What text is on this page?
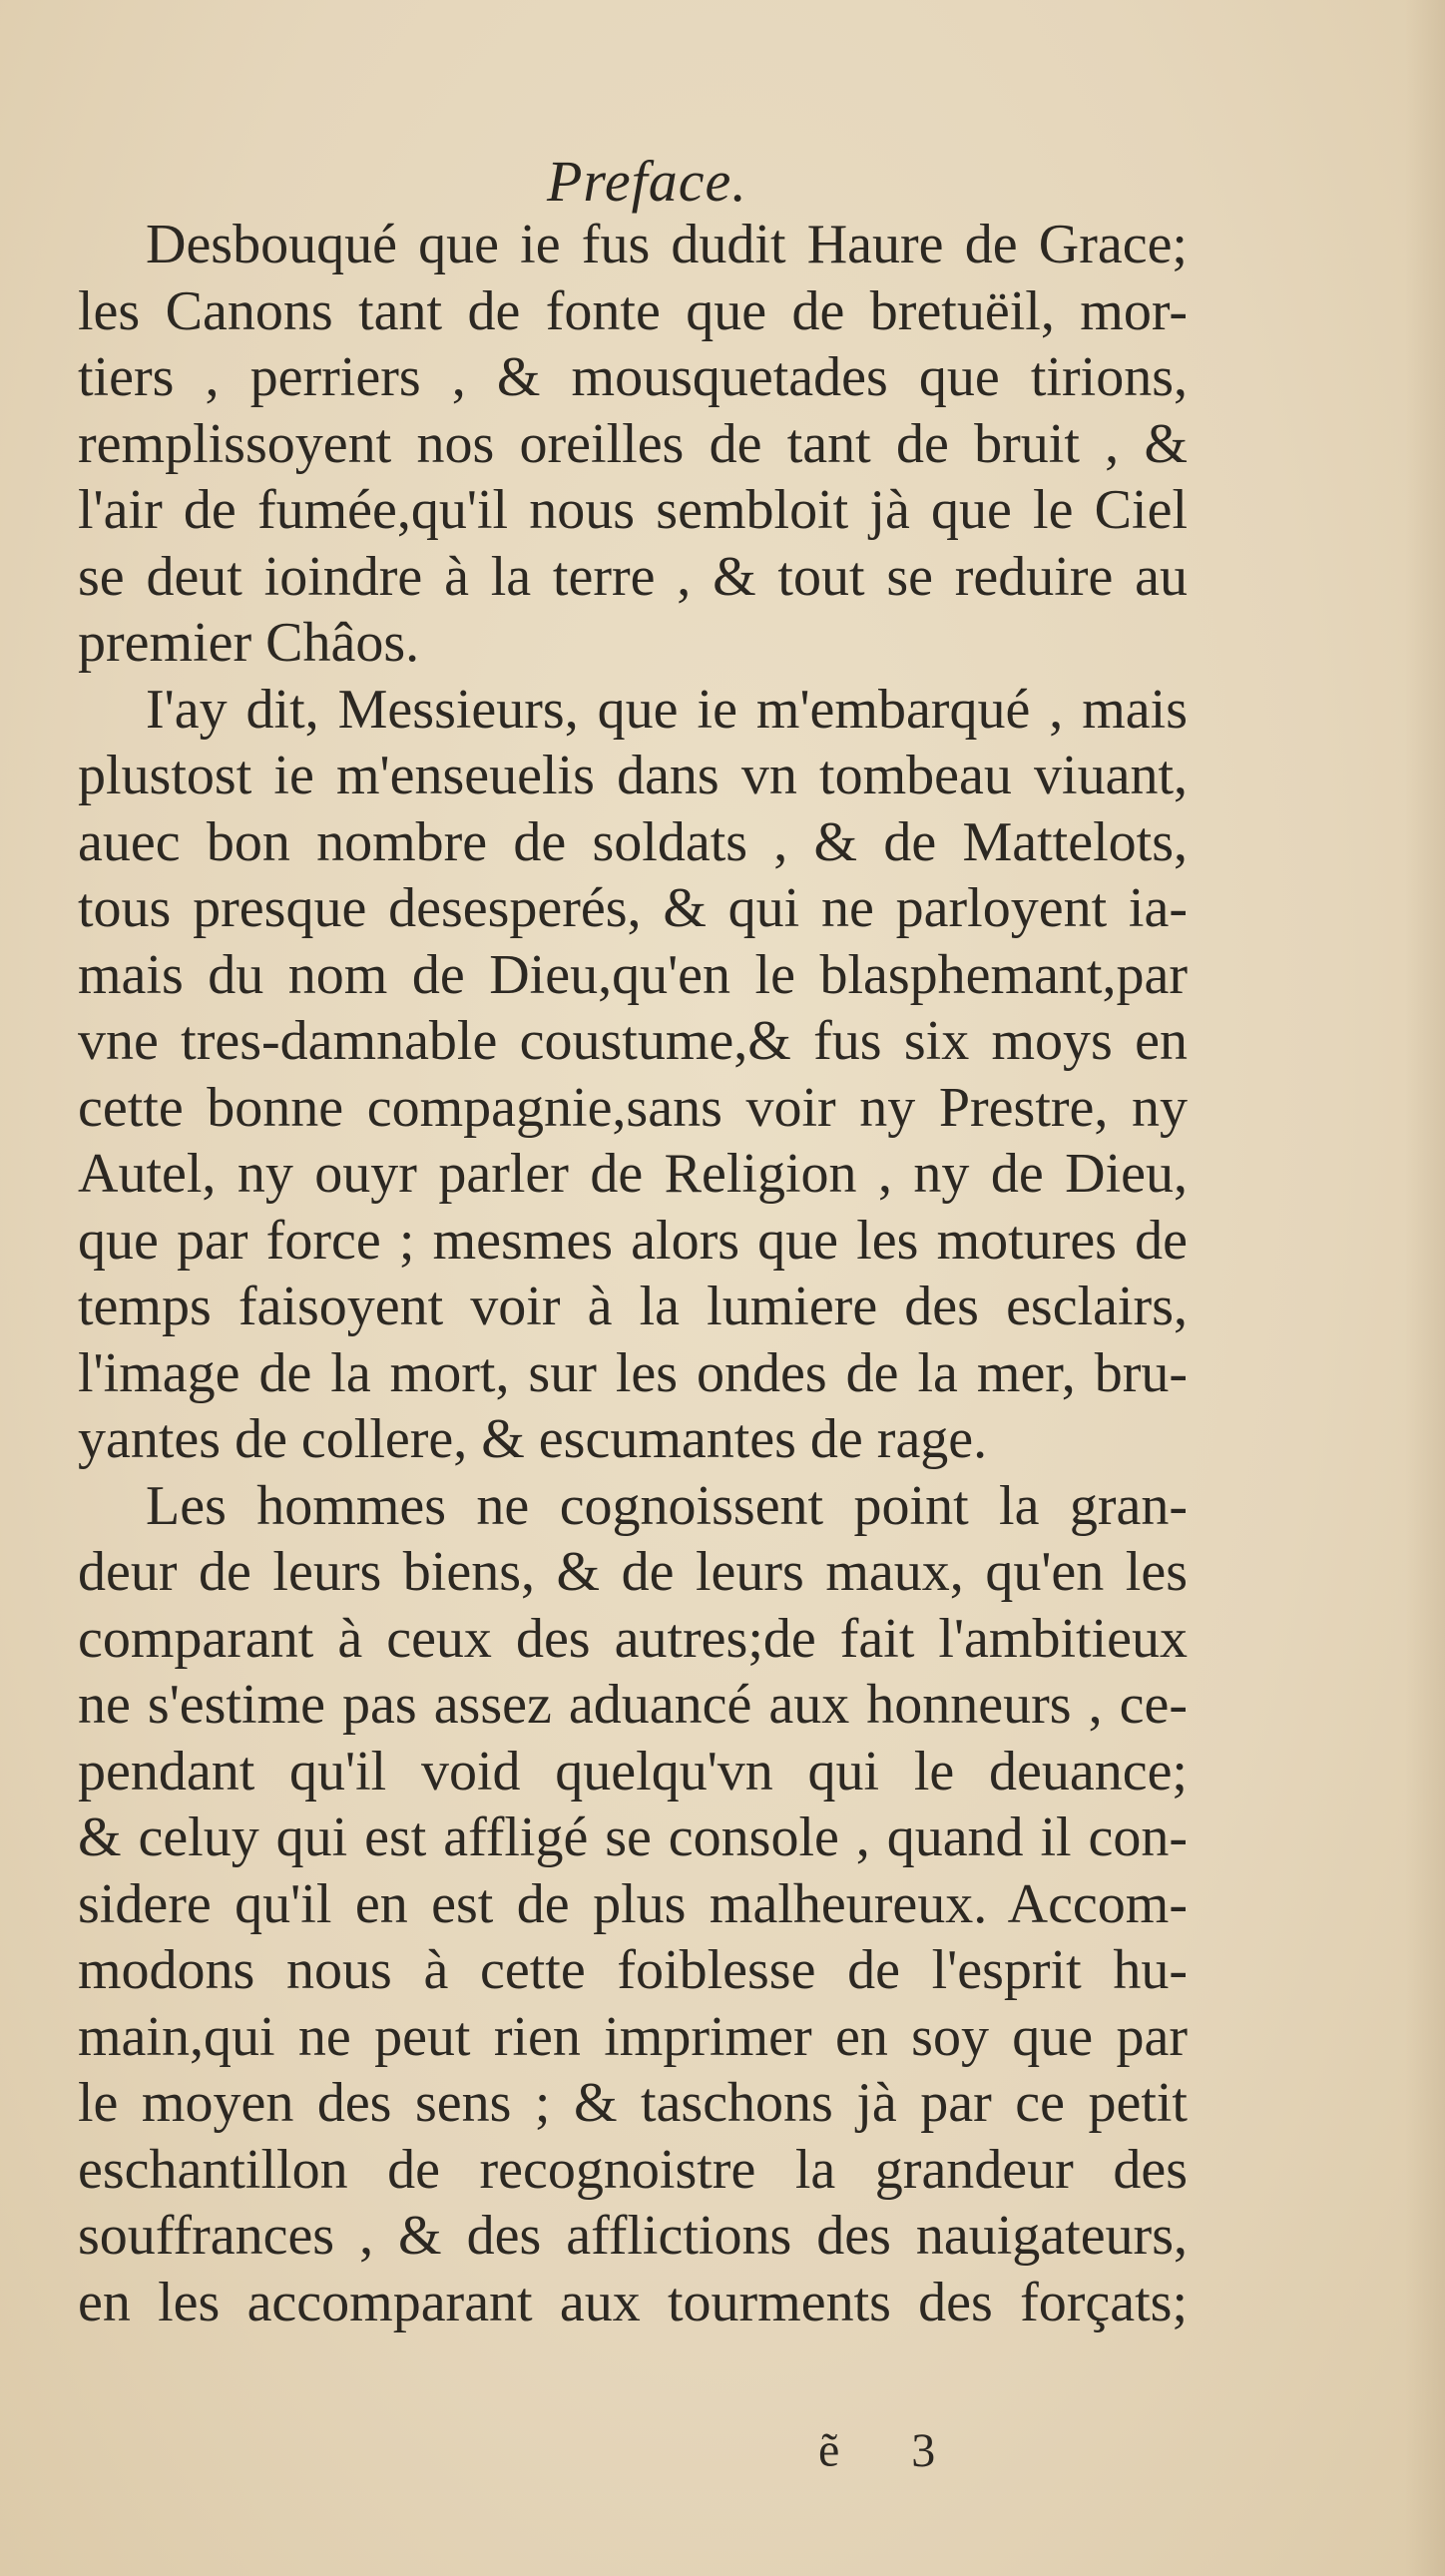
Preface.
Desbouqué que ie fus dudit Haure de Grace;
les Canons tant de fonte que de bretuëil, mor-
tiers , perriers , & mousquetades que tirions,
remplissoyent nos oreilles de tant de bruit , &
l'air de fumée,qu'il nous sembloit jà que le Ciel
se deut ioindre à la terre , & tout se reduire au
premier Châos.
I'ay dit, Messieurs, que ie m'embarqué , mais
plustost ie m'enseuelis dans vn tombeau viuant,
auec bon nombre de soldats , & de Mattelots,
tous presque desesperés, & qui ne parloyent ia-
mais du nom de Dieu,qu'en le blasphemant,par
vne tres-damnable coustume,& fus six moys en
cette bonne compagnie,sans voir ny Prestre, ny
Autel, ny ouyr parler de Religion , ny de Dieu,
que par force ; mesmes alors que les motures de
temps faisoyent voir à la lumiere des esclairs,
l'image de la mort, sur les ondes de la mer, bru-
yantes de collere, & escumantes de rage.
Les hommes ne cognoissent point la gran-
deur de leurs biens, & de leurs maux, qu'en les
comparant à ceux des autres;de fait l'ambitieux
ne s'estime pas assez aduancé aux honneurs , ce-
pendant qu'il void quelqu'vn qui le deuance;
& celuy qui est affligé se console , quand il con-
sidere qu'il en est de plus malheureux. Accom-
modons nous à cette foiblesse de l'esprit hu-
main,qui ne peut rien imprimer en soy que par
le moyen des sens ; & taschons jà par ce petit
eschantillon de recognoistre la grandeur des
souffrances , & des afflictions des nauigateurs,
en les accomparant aux tourments des forçats;
ẽ 3
